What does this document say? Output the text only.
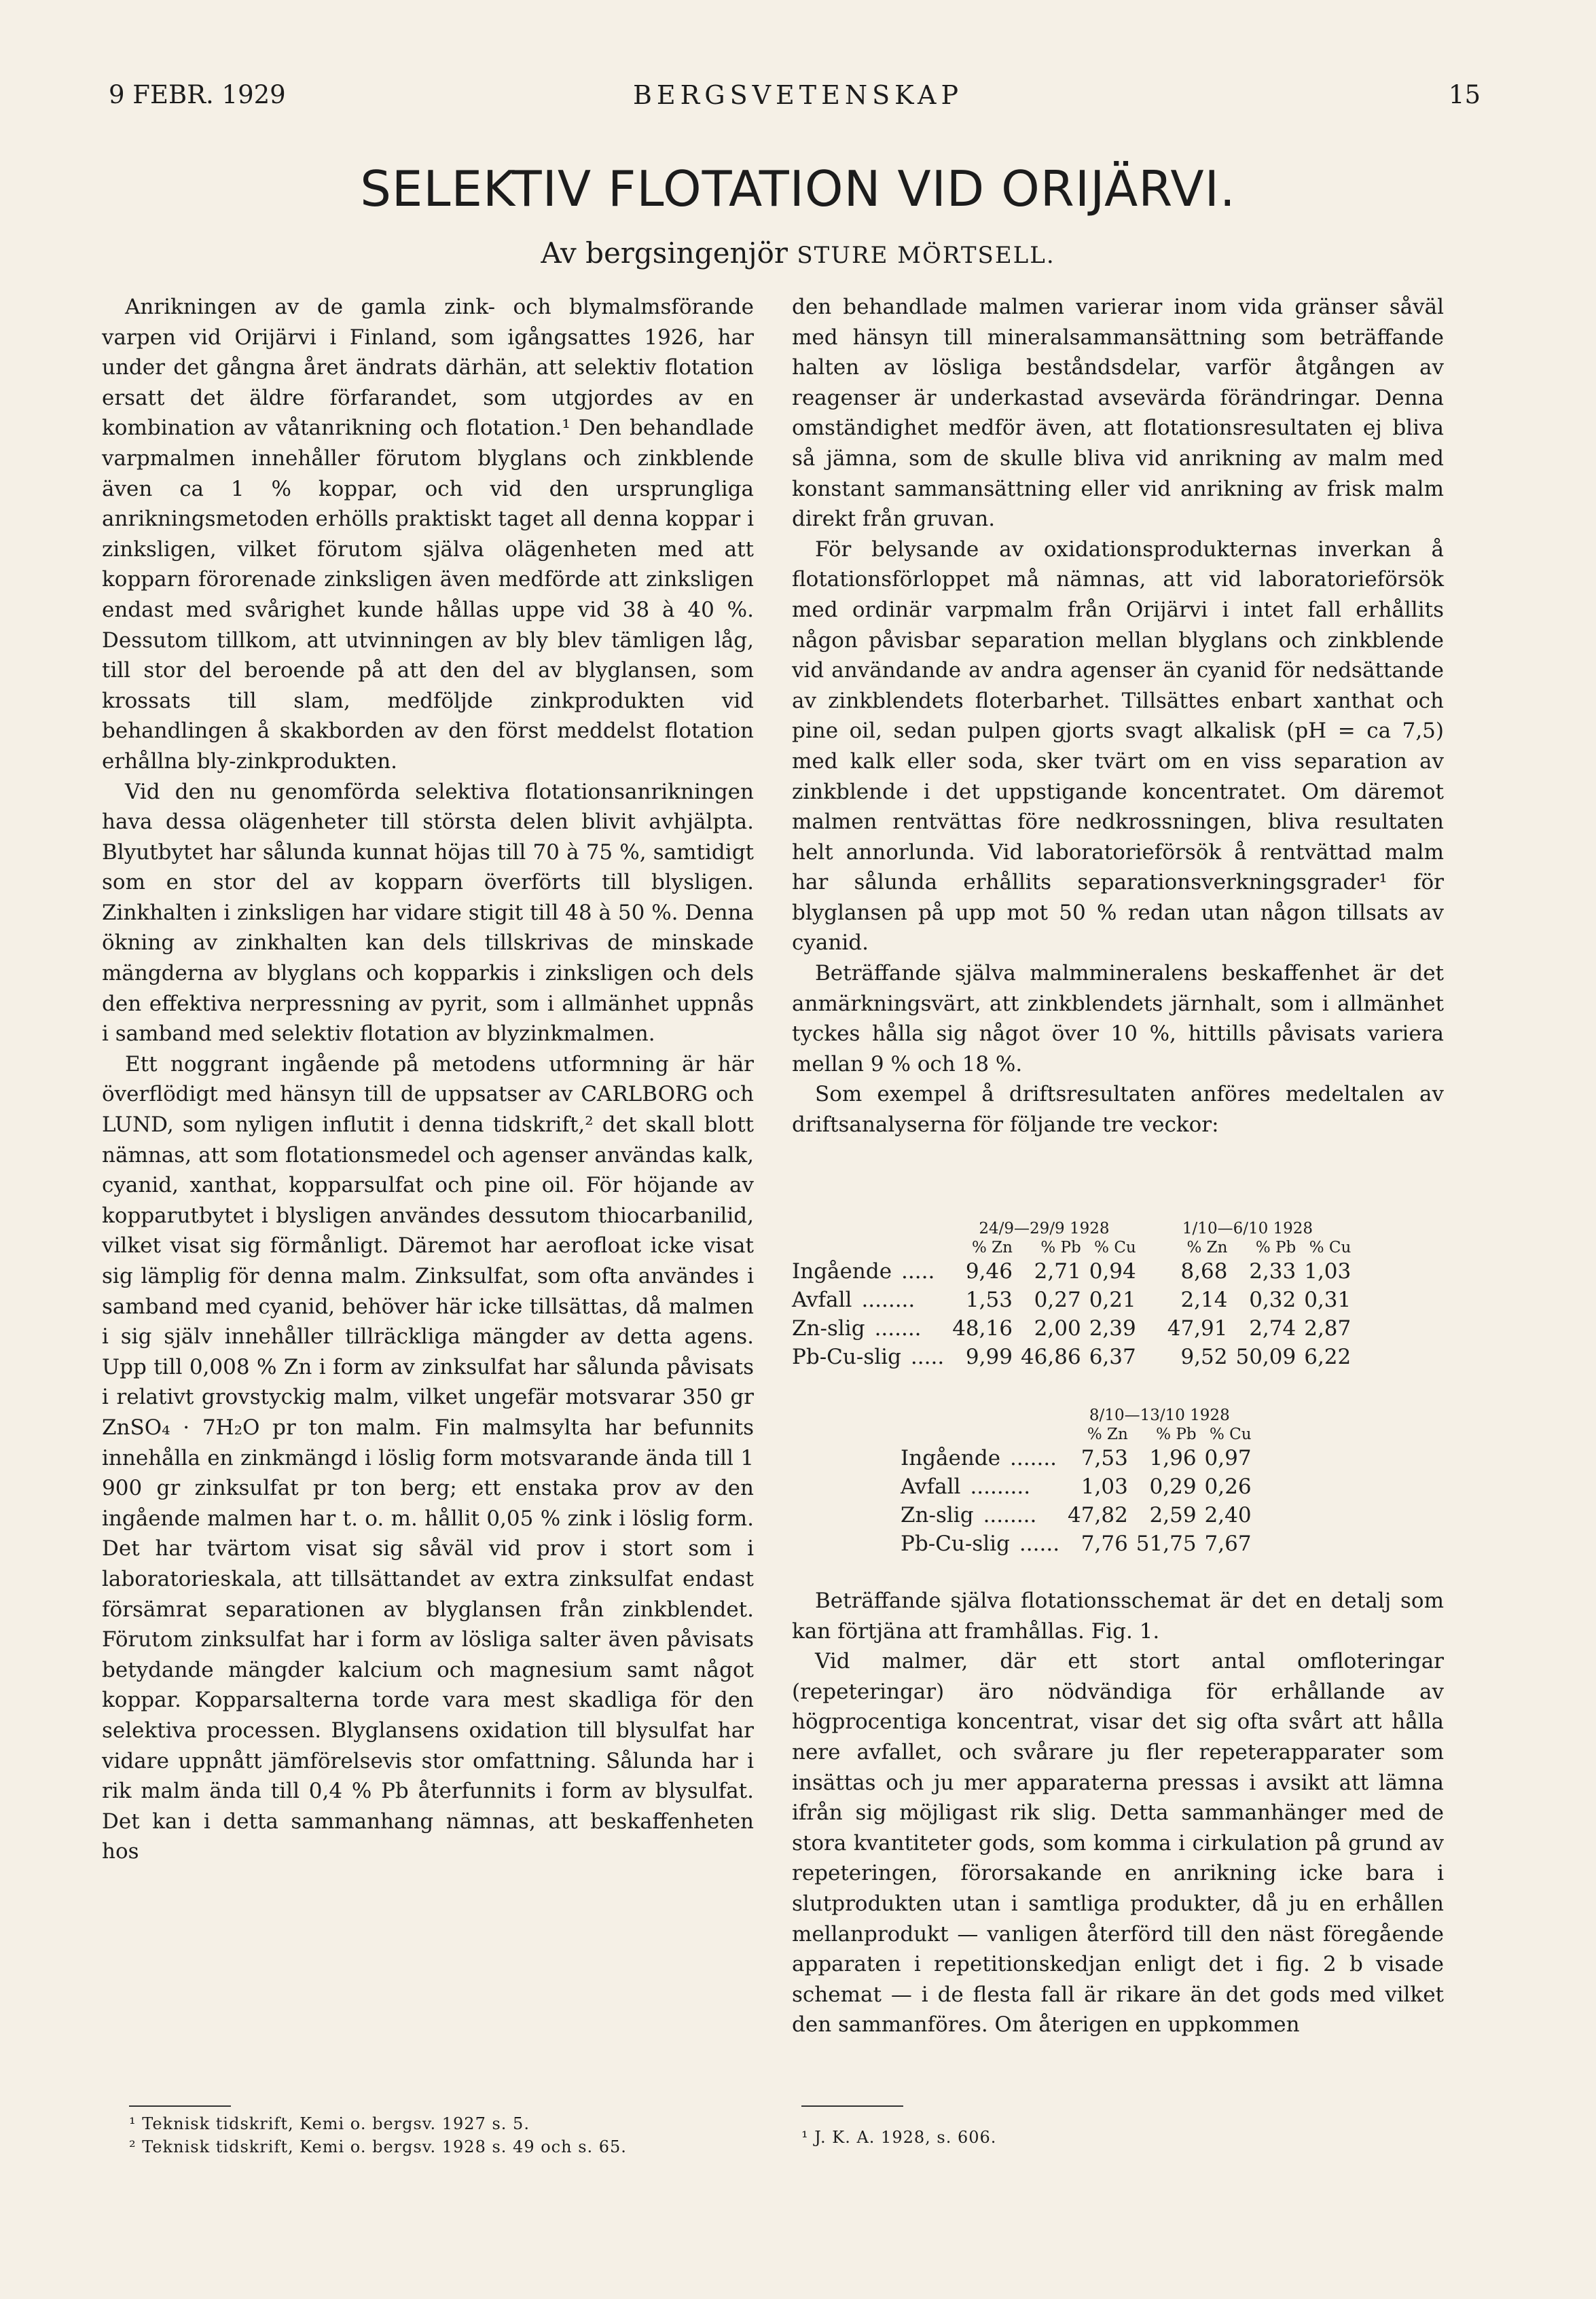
9 FEBR. 1929	BERGSVETENSKAP	15
SELEKTIV FLOTATION VID ORIJÄRVI.
Av bergsingenjör STURE MÖRTSELL.

Anrikningen av de gamla zink- och blymalmsförande varpen vid Orijärvi i Finland, som igångsattes 1926, har under det gångna året ändrats därhän, att selektiv flotation ersatt det äldre förfarandet, som utgjordes av en kombination av våtanrikning och flotation.¹ Den behandlade varpmalmen innehåller förutom blyglans och zinkblende även ca 1 % koppar, och vid den ursprungliga anrikningsmetoden erhölls praktiskt taget all denna koppar i zinksligen, vilket förutom själva olägenheten med att kopparn förorenade zinksligen även medförde att zinksligen endast med svårighet kunde hållas uppe vid 38 à 40 %. Dessutom tillkom, att utvinningen av bly blev tämligen låg, till stor del beroende på att den del av blyglansen, som krossats till slam, medföljde zinkprodukten vid behandlingen å skakborden av den först meddelst flotation erhållna bly-zinkprodukten.

Vid den nu genomförda selektiva flotationsanrikningen hava dessa olägenheter till största delen blivit avhjälpta. Blyutbytet har sålunda kunnat höjas till 70 à 75 %, samtidigt som en stor del av kopparn överförts till blysligen. Zinkhalten i zinksligen har vidare stigit till 48 à 50 %. Denna ökning av zinkhalten kan dels tillskrivas de minskade mängderna av blyglans och kopparkis i zinksligen och dels den effektiva nerpressning av pyrit, som i allmänhet uppnås i samband med selektiv flotation av blyzinkmalmen.

Ett noggrant ingående på metodens utformning är här överflödigt med hänsyn till de uppsatser av CARLBORG och LUND, som nyligen influtit i denna tidskrift,² det skall blott nämnas, att som flotationsmedel och agenser användas kalk, cyanid, xanthat, kopparsulfat och pine oil. För höjande av kopparutbytet i blysligen användes dessutom thiocarbanilid, vilket visat sig förmånligt. Däremot har aerofloat icke visat sig lämplig för denna malm. Zinksulfat, som ofta användes i samband med cyanid, behöver här icke tillsättas, då malmen i sig själv innehåller tillräckliga mängder av detta agens. Upp till 0,008 % Zn i form av zinksulfat har sålunda påvisats i relativt grovstyckig malm, vilket ungefär motsvarar 350 gr ZnSO₄ · 7H₂O pr ton malm. Fin malmsylta har befunnits innehålla en zinkmängd i löslig form motsvarande ända till 1 900 gr zinksulfat pr ton berg; ett enstaka prov av den ingående malmen har t. o. m. hållit 0,05 % zink i löslig form. Det har tvärtom visat sig såväl vid prov i stort som i laboratorieskala, att tillsättandet av extra zinksulfat endast försämrat separationen av blyglansen från zinkblendet. Förutom zinksulfat har i form av lösliga salter även påvisats betydande mängder kalcium och magnesium samt något koppar. Kopparsalterna torde vara mest skadliga för den selektiva processen. Blyglansens oxidation till blysulfat har vidare uppnått jämförelsevis stor omfattning. Sålunda har i rik malm ända till 0,4 % Pb återfunnits i form av blysulfat. Det kan i detta sammanhang nämnas, att beskaffenheten hos

¹ Teknisk tidskrift, Kemi o. bergsv. 1927 s. 5.
² Teknisk tidskrift, Kemi o. bergsv. 1928 s. 49 och s. 65.

den behandlade malmen varierar inom vida gränser såväl med hänsyn till mineralsammansättning som beträffande halten av lösliga beståndsdelar, varför åtgången av reagenser är underkastad avsevärda förändringar. Denna omständighet medför även, att flotationsresultaten ej bliva så jämna, som de skulle bliva vid anrikning av malm med konstant sammansättning eller vid anrikning av frisk malm direkt från gruvan.

För belysande av oxidationsprodukternas inverkan å flotationsförloppet må nämnas, att vid laboratorieförsök med ordinär varpmalm från Orijärvi i intet fall erhållits någon påvisbar separation mellan blyglans och zinkblende vid användande av andra agenser än cyanid för nedsättande av zinkblendets floterbarhet. Tillsättes enbart xanthat och pine oil, sedan pulpen gjorts svagt alkalisk (pH = ca 7,5) med kalk eller soda, sker tvärt om en viss separation av zinkblende i det uppstigande koncentratet. Om däremot malmen rentvättas före nedkrossningen, bliva resultaten helt annorlunda. Vid laboratorieförsök å rentvättad malm har sålunda erhållits separationsverkningsgrader¹ för blyglansen på upp mot 50 % redan utan någon tillsats av cyanid.

Beträffande själva malmmineralens beskaffenhet är det anmärkningsvärt, att zinkblendets järnhalt, som i allmänhet tyckes hålla sig något över 10 %, hittills påvisats variera mellan 9 % och 18 %.

Som exempel å driftsresultaten anföres medeltalen av driftsanalyserna för följande tre veckor:

	24/9—29/9 1928			1/10—6/10 1928		
	% Zn	% Pb	% Cu	% Zn	% Pb	% Cu
Ingående .....	9,46	2,71	0,94	8,68	2,33	1,03
Avfall ........	1,53	0,27	0,21	2,14	0,32	0,31
Zn-slig .......	48,16	2,00	2,39	47,91	2,74	2,87
Pb-Cu-slig .....	9,99	46,86	6,37	9,52	50,09	6,22
	8/10—13/10 1928		
	% Zn	% Pb	% Cu
Ingående .......	7,53	1,96	0,97
Avfall .........	1,03	0,29	0,26
Zn-slig ........	47,82	2,59	2,40
Pb-Cu-slig ......	7,76	51,75	7,67

Beträffande själva flotationsschemat är det en detalj som kan förtjäna att framhållas. Fig. 1.

Vid malmer, där ett stort antal omfloteringar (repeteringar) äro nödvändiga för erhållande av högprocentiga koncentrat, visar det sig ofta svårt att hålla nere avfallet, och svårare ju fler repeterapparater som insättas och ju mer apparaterna pressas i avsikt att lämna ifrån sig möjligast rik slig. Detta sammanhänger med de stora kvantiteter gods, som komma i cirkulation på grund av repeteringen, förorsakande en anrikning icke bara i slutprodukten utan i samtliga produkter, då ju en erhållen mellanprodukt — vanligen återförd till den näst föregående apparaten i repetitionskedjan enligt det i fig. 2 b visade schemat — i de flesta fall är rikare än det gods med vilket den sammanföres. Om återigen en uppkommen

¹ J. K. A. 1928, s. 606.
